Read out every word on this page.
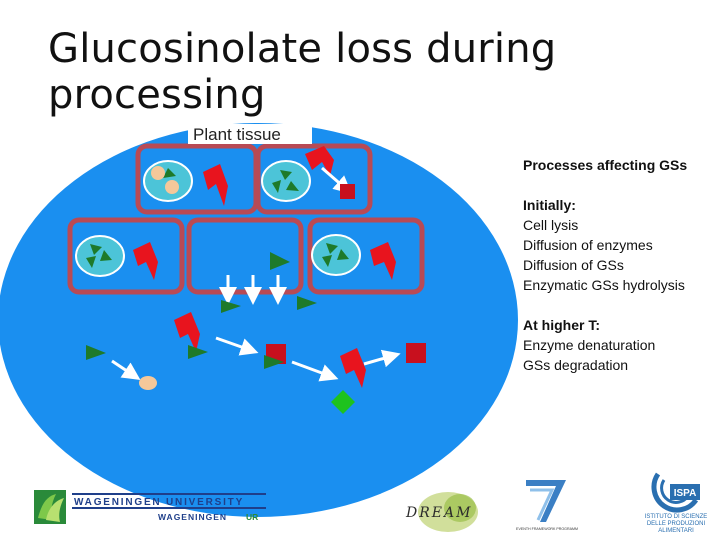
Glucosinolate loss during processing
Plant tissue
Processes affecting GSs
Initially:
Cell lysis
Diffusion of enzymes
Diffusion of GSs
Enzymatic GSs hydrolysis
At higher T:
Enzyme denaturation
GSs degradation
WAGENINGEN UNIVERSITY
WAGENINGEN UR	DREAM
SEVENTH FRAMEWORK PROGRAMME
ISPA
ISTITUTO DI SCIENZE
DELLE PRODUZIONI
ALIMENTARI
